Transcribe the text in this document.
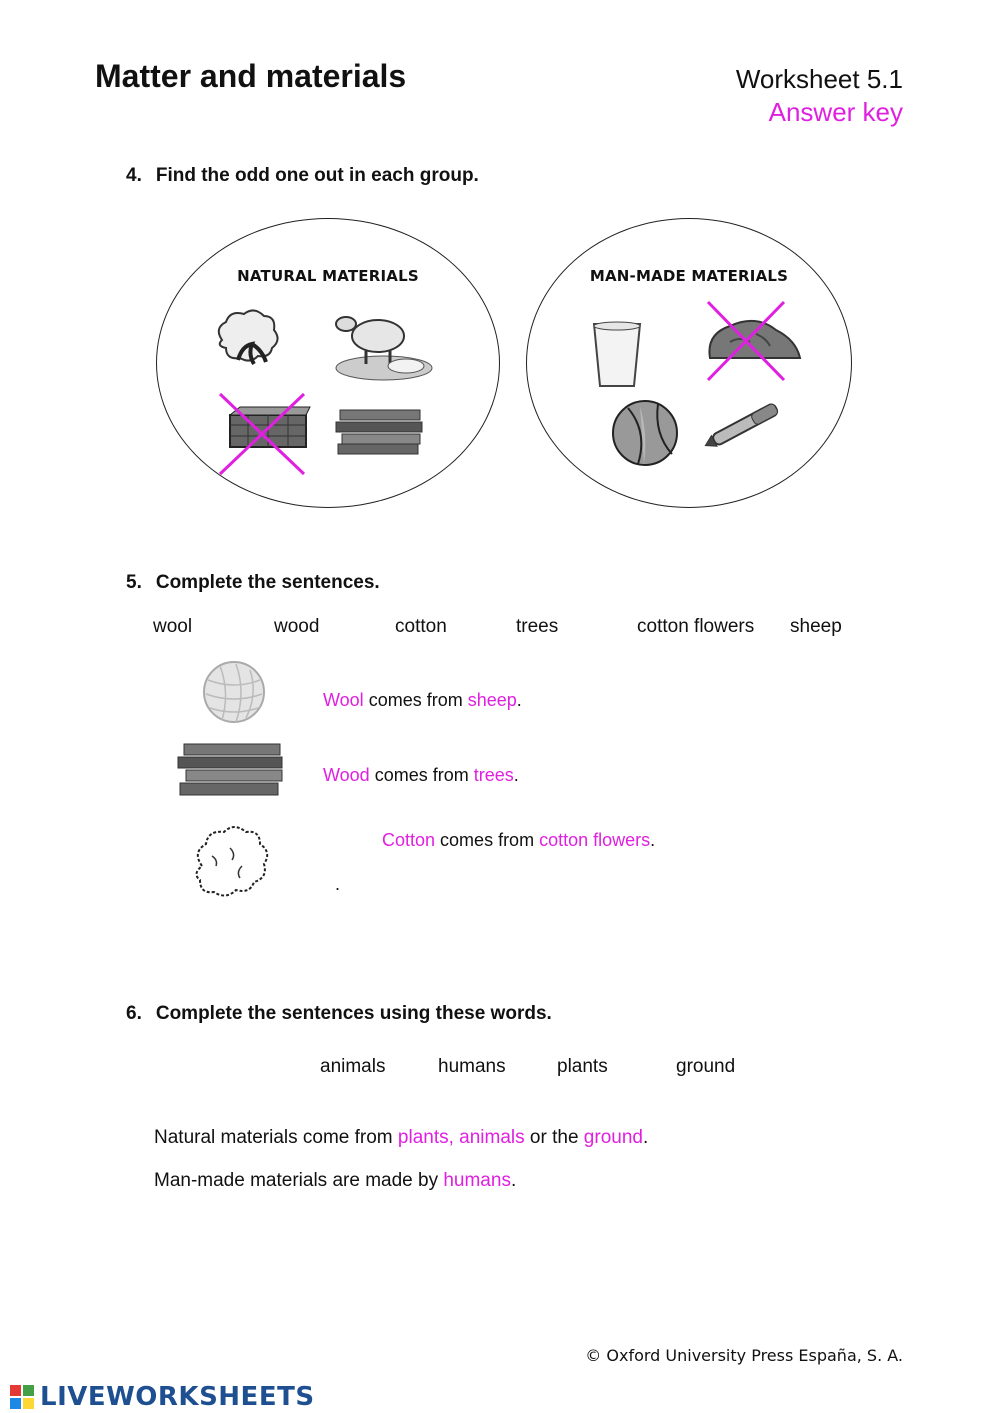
Matter and materials	Worksheet 5.1
Answer key
4. Find the odd one out in each group.
NATURAL MATERIALS	MAN-MADE MATERIALS
5. Complete the sentences.
wool	wood	cotton	trees	cotton flowers sheep
Wool comes from sheep.
Wood comes from trees.
Cotton comes from cotton flowers.
.
6. Complete the sentences using these words.
animals	humans	plants	ground
Natural materials come from plants, animals or the ground.
Man-made materials are made by humans.
© Oxford University Press España, S. A.
LIVEWORKSHEETS
